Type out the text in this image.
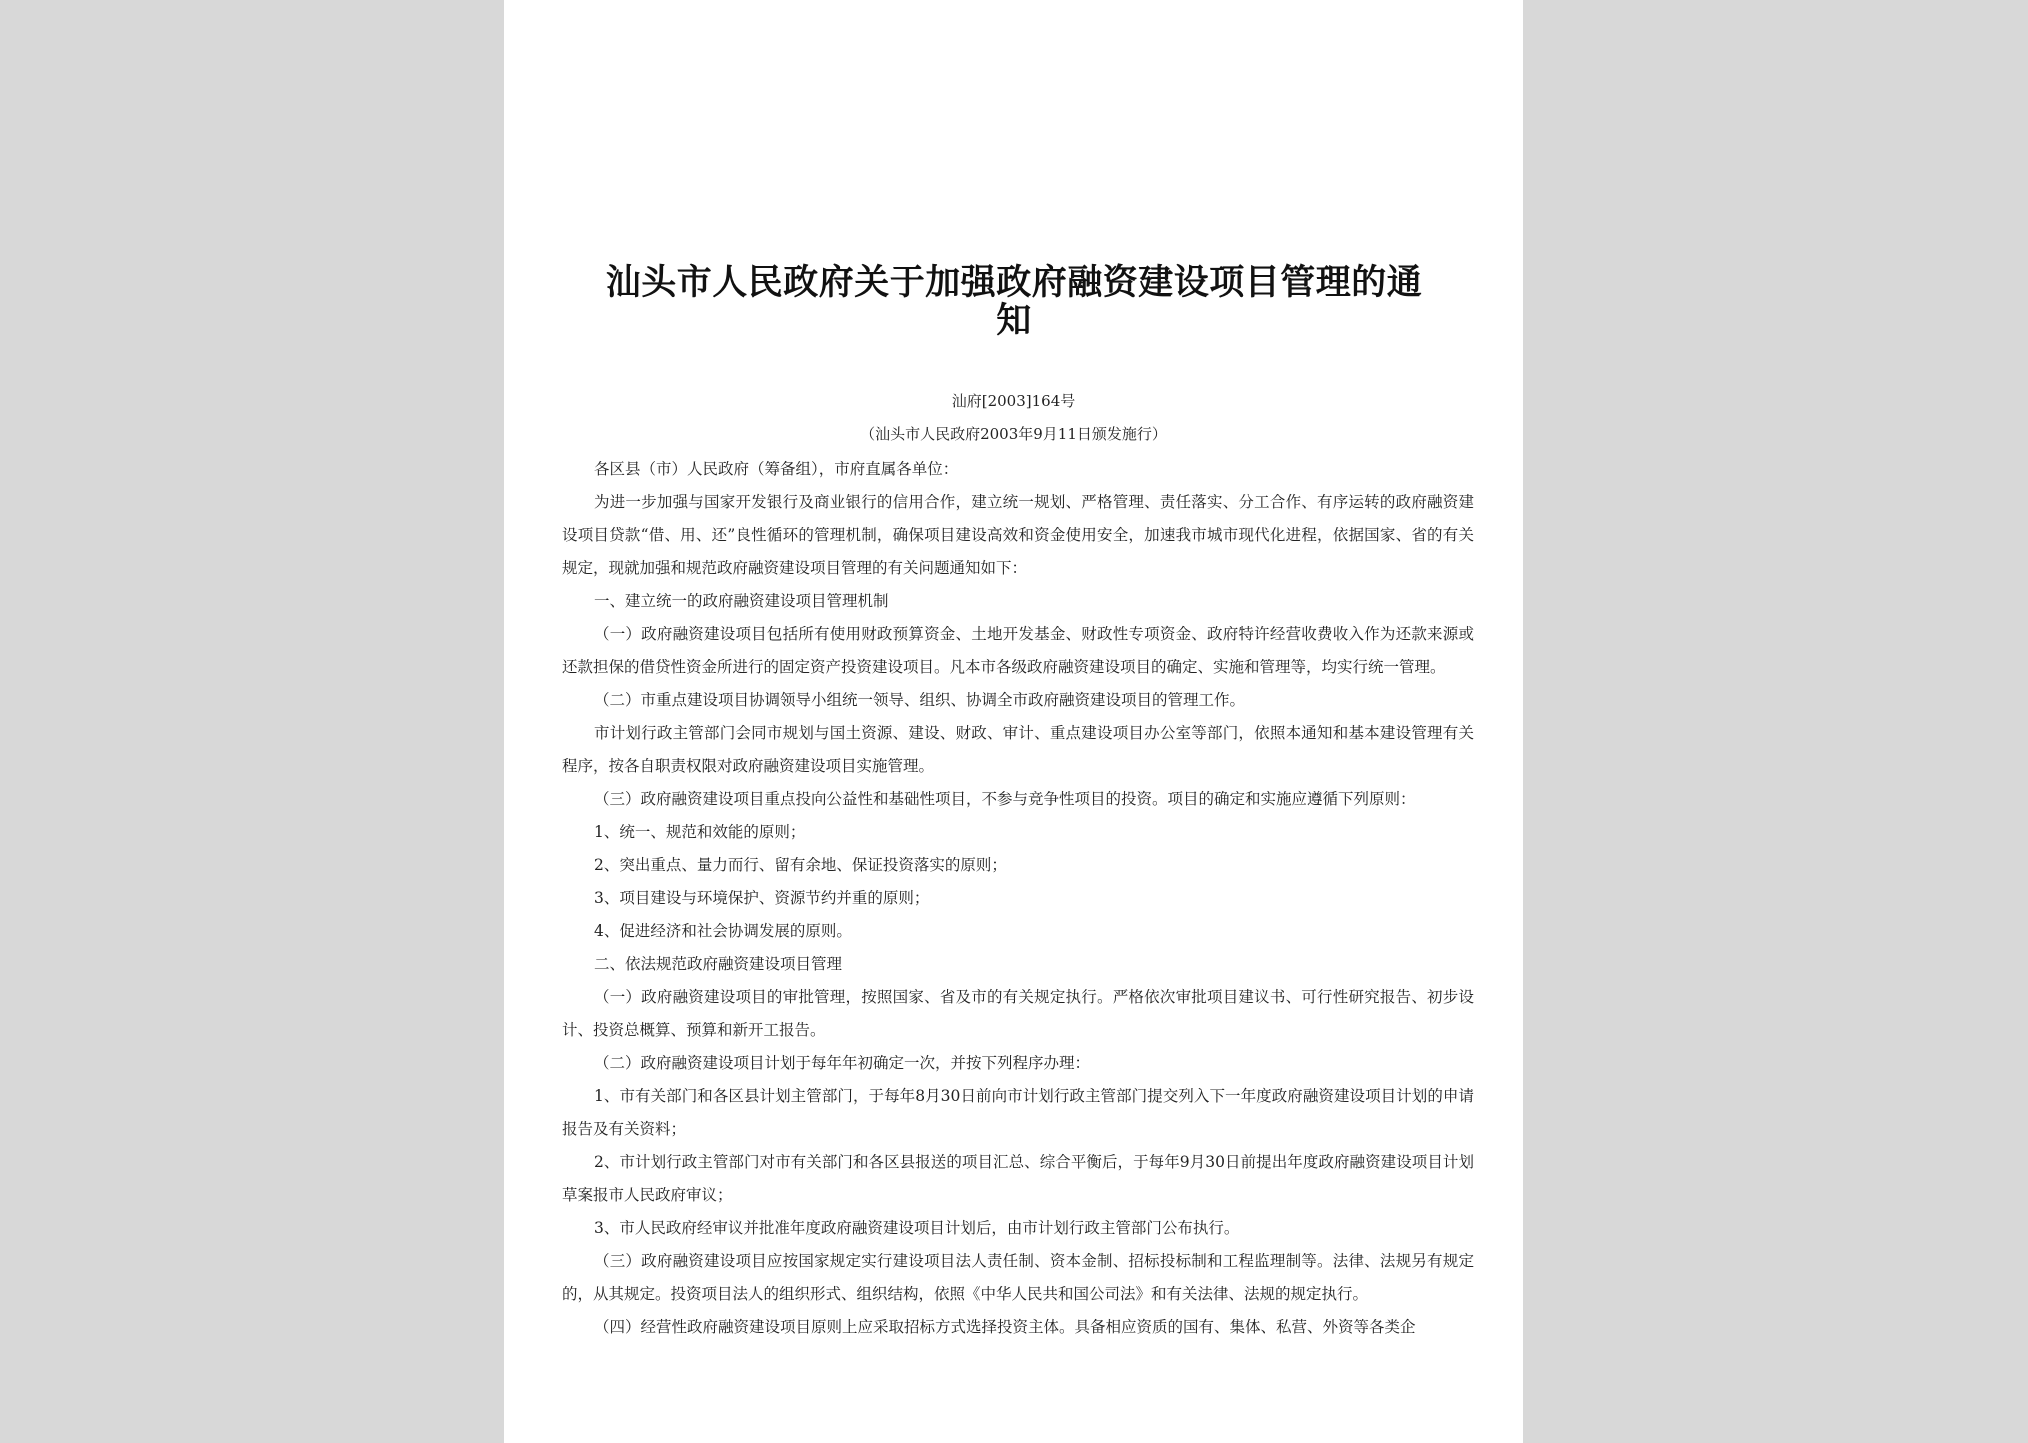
汕头市人民政府关于加强政府融资建设项目管理的通知
汕府[2003]164号
（汕头市人民政府2003年9月11日颁发施行）

各区县（市）人民政府（筹备组），市府直属各单位：

为进一步加强与国家开发银行及商业银行的信用合作，建立统一规划、严格管理、责任落实、分工合作、有序运转的政府融资建设项目贷款“借、用、还”良性循环的管理机制，确保项目建设高效和资金使用安全，加速我市城市现代化进程，依据国家、省的有关规定，现就加强和规范政府融资建设项目管理的有关问题通知如下：

一、建立统一的政府融资建设项目管理机制

（一）政府融资建设项目包括所有使用财政预算资金、土地开发基金、财政性专项资金、政府特许经营收费收入作为还款来源或还款担保的借贷性资金所进行的固定资产投资建设项目。凡本市各级政府融资建设项目的确定、实施和管理等，均实行统一管理。

（二）市重点建设项目协调领导小组统一领导、组织、协调全市政府融资建设项目的管理工作。

市计划行政主管部门会同市规划与国土资源、建设、财政、审计、重点建设项目办公室等部门，依照本通知和基本建设管理有关程序，按各自职责权限对政府融资建设项目实施管理。

（三）政府融资建设项目重点投向公益性和基础性项目，不参与竞争性项目的投资。项目的确定和实施应遵循下列原则：

1、统一、规范和效能的原则；

2、突出重点、量力而行、留有余地、保证投资落实的原则；

3、项目建设与环境保护、资源节约并重的原则；

4、促进经济和社会协调发展的原则。

二、依法规范政府融资建设项目管理

（一）政府融资建设项目的审批管理，按照国家、省及市的有关规定执行。严格依次审批项目建议书、可行性研究报告、初步设计、投资总概算、预算和新开工报告。

（二）政府融资建设项目计划于每年年初确定一次，并按下列程序办理：

1、市有关部门和各区县计划主管部门，于每年8月30日前向市计划行政主管部门提交列入下一年度政府融资建设项目计划的申请报告及有关资料；

2、市计划行政主管部门对市有关部门和各区县报送的项目汇总、综合平衡后，于每年9月30日前提出年度政府融资建设项目计划草案报市人民政府审议；

3、市人民政府经审议并批准年度政府融资建设项目计划后，由市计划行政主管部门公布执行。

（三）政府融资建设项目应按国家规定实行建设项目法人责任制、资本金制、招标投标制和工程监理制等。法律、法规另有规定的，从其规定。投资项目法人的组织形式、组织结构，依照《中华人民共和国公司法》和有关法律、法规的规定执行。

（四）经营性政府融资建设项目原则上应采取招标方式选择投资主体。具备相应资质的国有、集体、私营、外资等各类企
